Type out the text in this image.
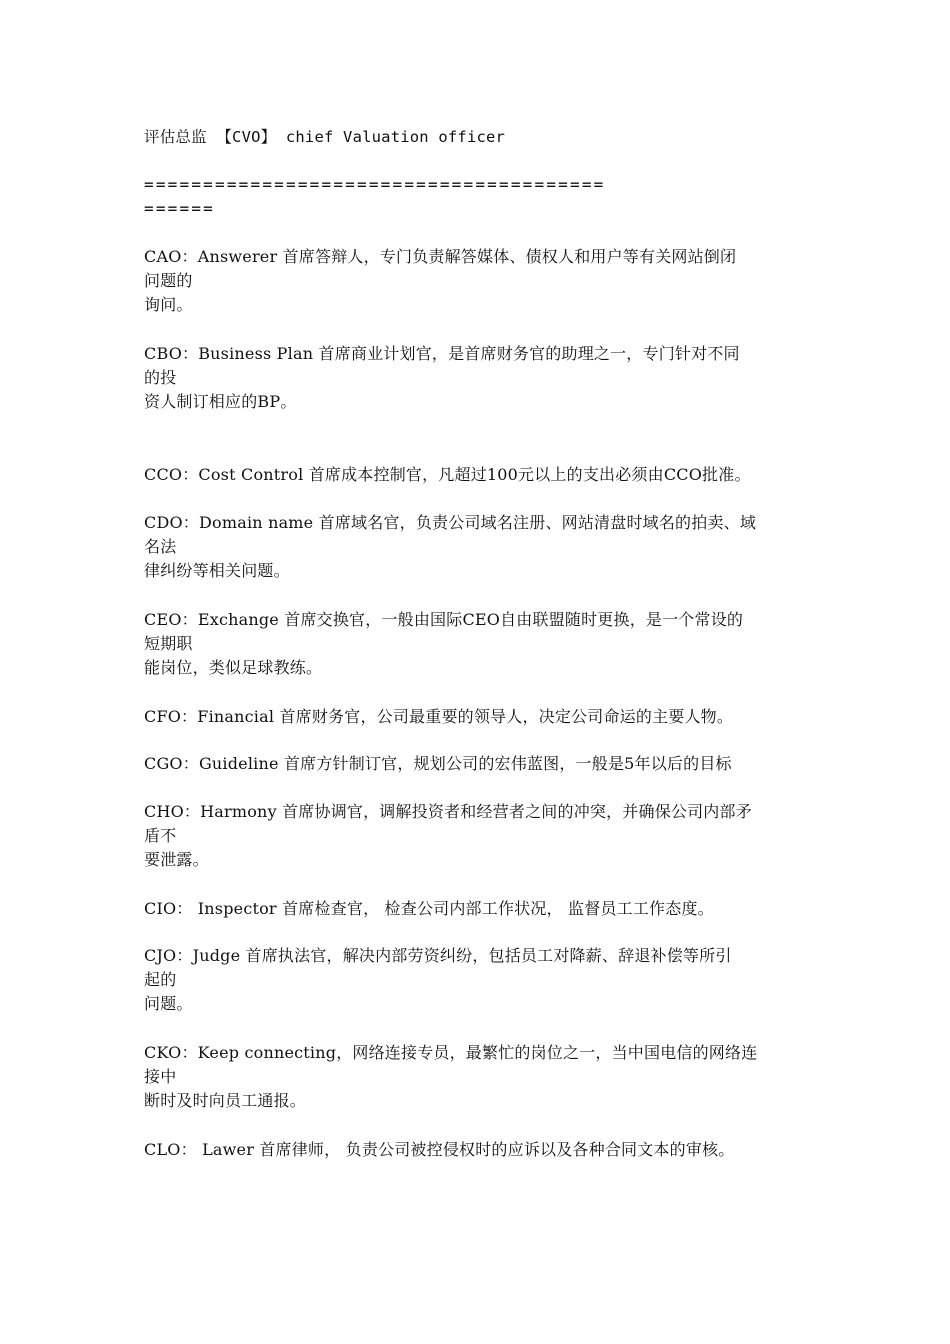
评估总监 【CVO】 chief Valuation officer

=======================================

======

CAO：Answerer 首席答辩人，专门负责解答媒体、债权人和用户等有关网站倒闭

问题的

询问。

CBO：Business Plan 首席商业计划官，是首席财务官的助理之一，专门针对不同

的投

资人制订相应的BP。

CCO：Cost Control 首席成本控制官，凡超过100元以上的支出必须由CCO批准。

CDO：Domain name 首席域名官，负责公司域名注册、网站清盘时域名的拍卖、域

名法

律纠纷等相关问题。

CEO：Exchange 首席交换官，一般由国际CEO自由联盟随时更换，是一个常设的

短期职

能岗位，类似足球教练。

CFO：Financial 首席财务官，公司最重要的领导人，决定公司命运的主要人物。

CGO：Guideline 首席方针制订官，规划公司的宏伟蓝图，一般是5年以后的目标

CHO：Harmony 首席协调官，调解投资者和经营者之间的冲突，并确保公司内部矛

盾不

要泄露。

CIO： Inspector 首席检查官， 检查公司内部工作状况， 监督员工工作态度。

CJO：Judge 首席执法官，解决内部劳资纠纷，包括员工对降薪、辞退补偿等所引

起的

问题。

CKO：Keep connecting，网络连接专员，最繁忙的岗位之一，当中国电信的网络连

接中

断时及时向员工通报。

CLO： Lawer 首席律师， 负责公司被控侵权时的应诉以及各种合同文本的审核。
